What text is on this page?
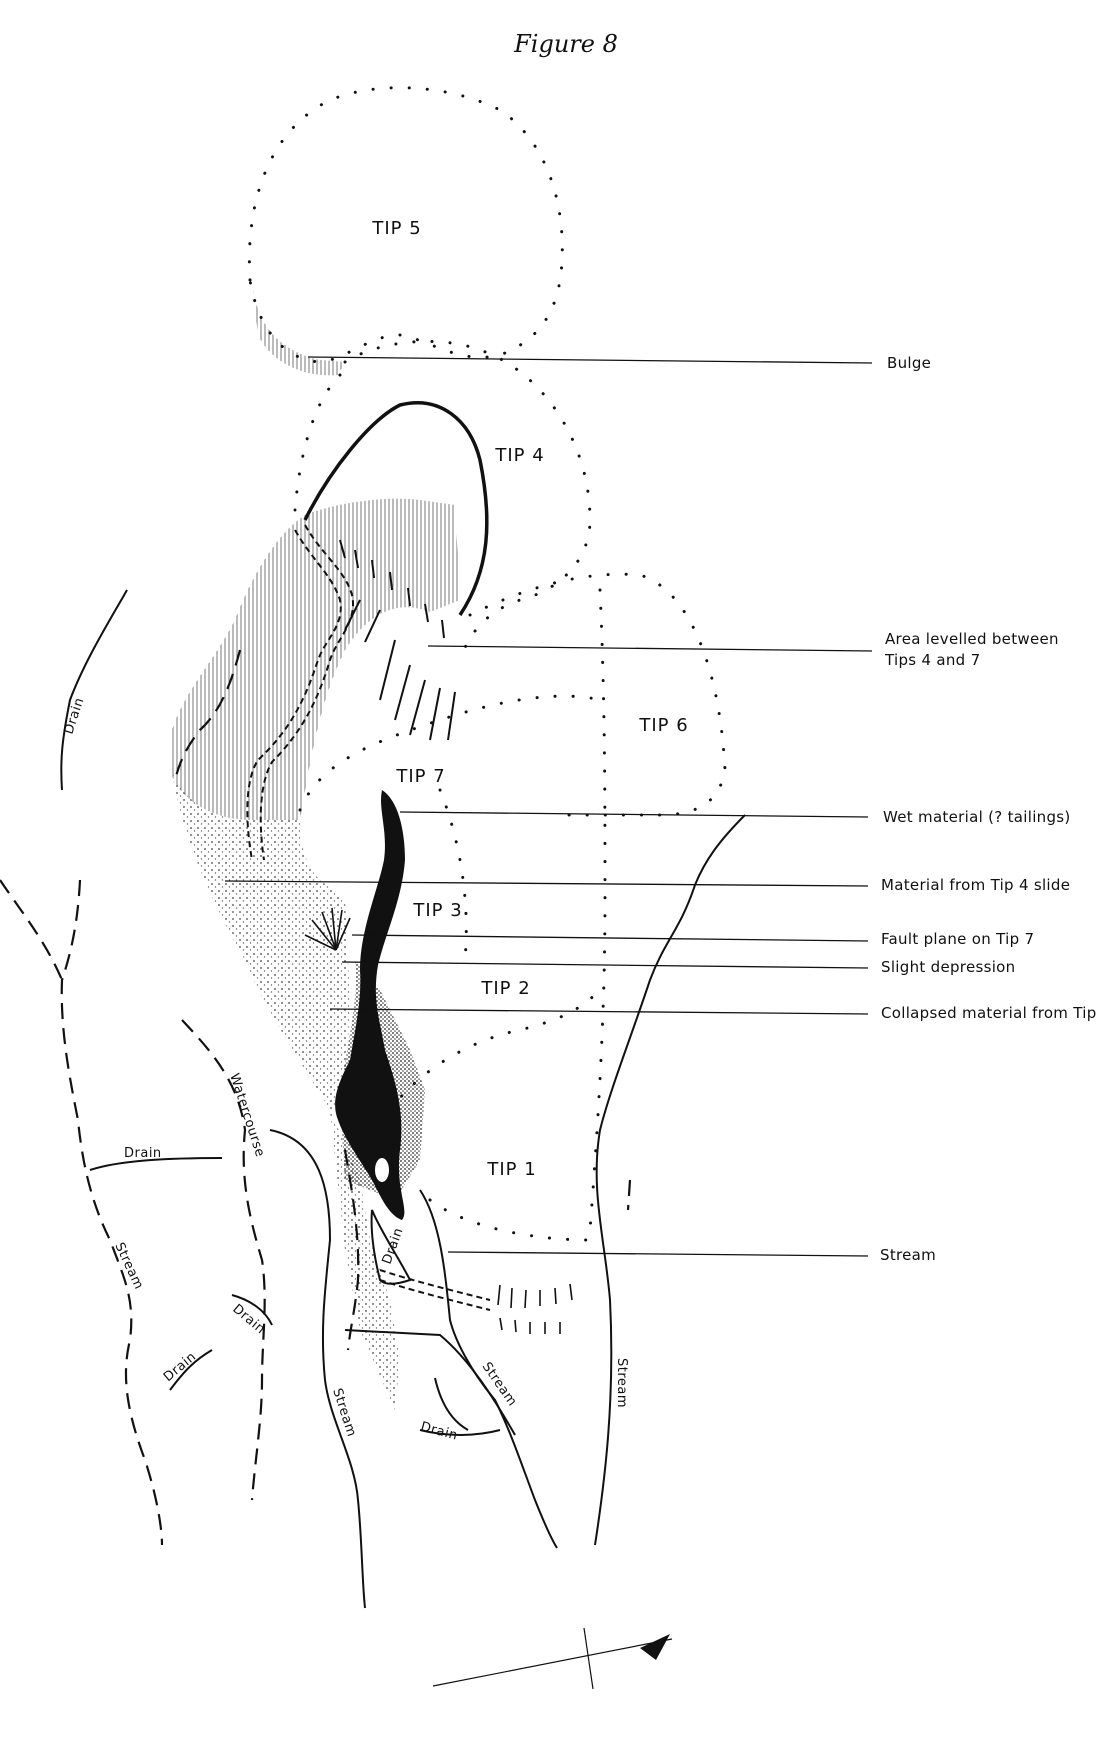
Figure 8
TIP 5
TIP 4
TIP 6
TIP 7
TIP 3
TIP 2
TIP 1
Bulge
Area levelled between
Tips 4 and 7
Wet material (? tailings)
Material from Tip 4 slide
Fault plane on Tip 7
Slight depression
Collapsed material from Tip
Stream
Drain
Drain	Watercourse
Stream
Drain
Drain
Drain
Stream
Stream
Drain
Stream
